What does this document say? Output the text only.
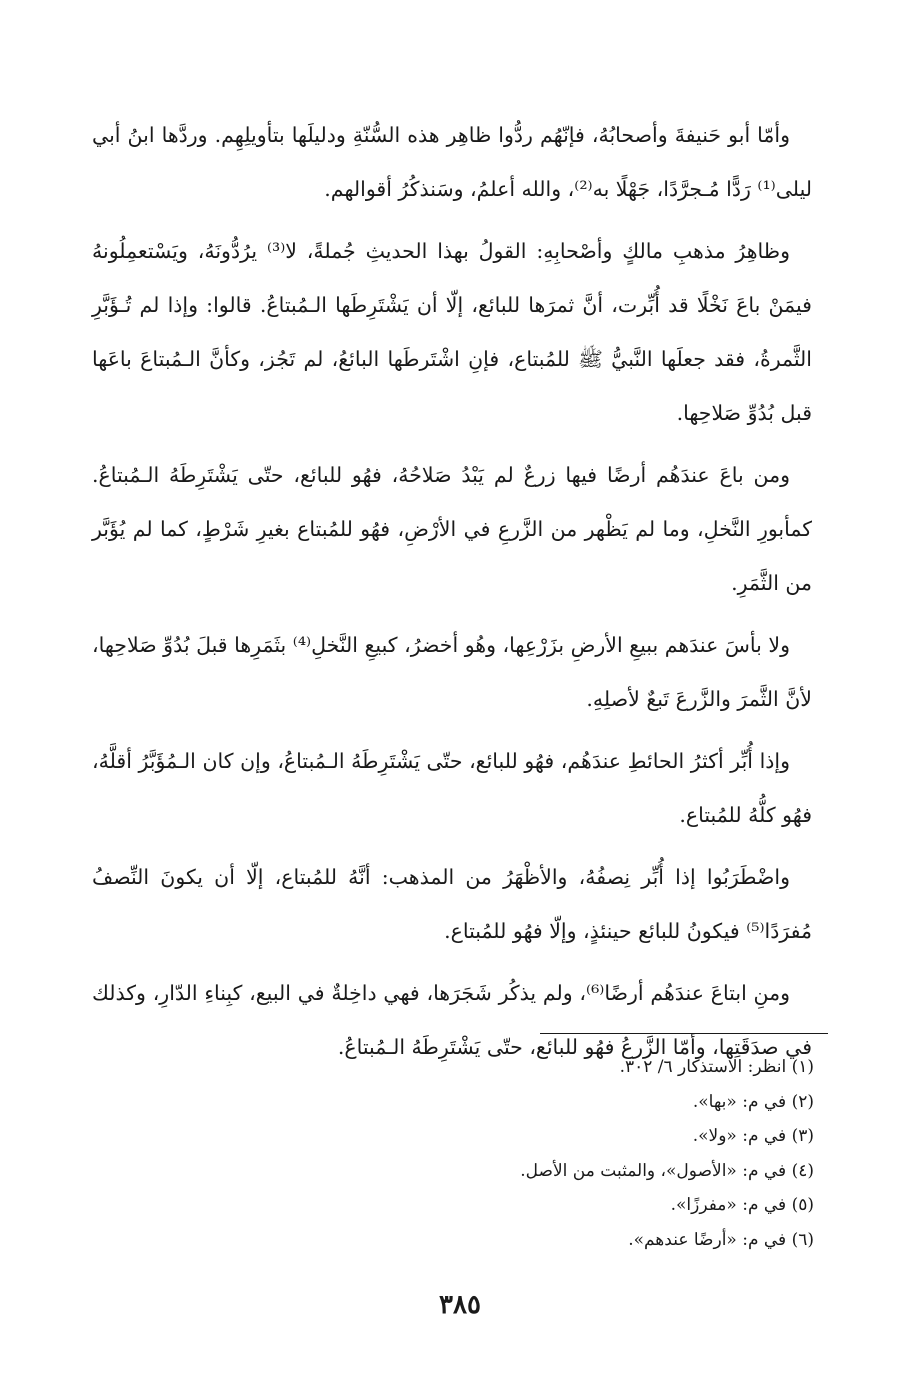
وأمّا أبو حَنيفةَ وأصحابُهُ، فإنّهُم ردُّوا ظاهِر هذه السُّنّةِ ودليلَها بتأويلِهِم. وردَّها ابنُ أبي ليلى⁽¹⁾ رَدًّا مُـجرَّدًا، جَهْلًا به⁽²⁾، والله أعلمُ، وسَنذكُرُ أقوالهم.

وظاهِرُ مذهبِ مالكٍ وأصْحابِهِ: القولُ بهذا الحديثِ جُملةً، لا⁽³⁾ يرُدُّونَهُ، ويَسْتعمِلُونهُ فيمَنْ باعَ نَخْلًا قد أُبِّرت، أنَّ ثمرَها للبائع، إلّا أن يَشْتَرِطَها الـمُبتاعُ. قالوا: وإذا لم تُـؤَبَّرِ الثَّمرةُ، فقد جعلَها النَّبيُّ ﷺ للمُبتاع، فإنِ اشْتَرطَها البائعُ، لم تَجُز، وكأنَّ الـمُبتاعَ باعَها قبل بُدُوِّ صَلاحِها.

ومن باعَ عندَهُم أرضًا فيها زرعٌ لم يَبْدُ صَلاحُهُ، فهُو للبائع، حتّى يَشْتَرِطَهُ الـمُبتاعُ. كمأبورِ النَّخلِ، وما لم يَظْهر من الزَّرعِ في الأرْضِ، فهُو للمُبتاع بغيرِ شَرْطٍ، كما لم يُؤَبَّر من الثَّمَرِ.

ولا بأسَ عندَهم ببيعِ الأرضِ بزَرْعِها، وهُو أخضرُ، كبيعِ النَّخلِ⁽⁴⁾ بثَمَرِها قبلَ بُدُوِّ صَلاحِها، لأنَّ الثَّمرَ والزَّرعَ تَبعٌ لأصلِهِ.

وإذا أُبِّر أكثرُ الحائطِ عندَهُم، فهُو للبائع، حتّى يَشْتَرِطَهُ الـمُبتاعُ، وإن كان الـمُؤَبَّرُ أقلَّهُ، فهُو كلُّهُ للمُبتاع.

واضْطَرَبُوا إذا أُبِّر نِصفُهُ، والأظْهَرُ من المذهب: أنَّهُ للمُبتاع، إلّا أن يكونَ النِّصفُ مُفرَدًا⁽⁵⁾ فيكونُ للبائع حينئذٍ، وإلّا فهُو للمُبتاع.

ومنِ ابتاعَ عندَهُم أرضًا⁽⁶⁾، ولم يذكُر شَجَرَها، فهي داخِلةٌ في البيع، كبِناءِ الدّارِ، وكذلك في صدَقَتِها، وأمّا الزَّرعُ فهُو للبائع، حتّى يَشْتَرِطَهُ الـمُبتاعُ.

(١) انظر: الاستذكار ٦/ ٣٠٢.
(٢) في م: «بها».
(٣) في م: «ولا».
(٤) في م: «الأصول»، والمثبت من الأصل.
(٥) في م: «مفرزًا».
(٦) في م: «أرضًا عندهم».
٣٨٥
